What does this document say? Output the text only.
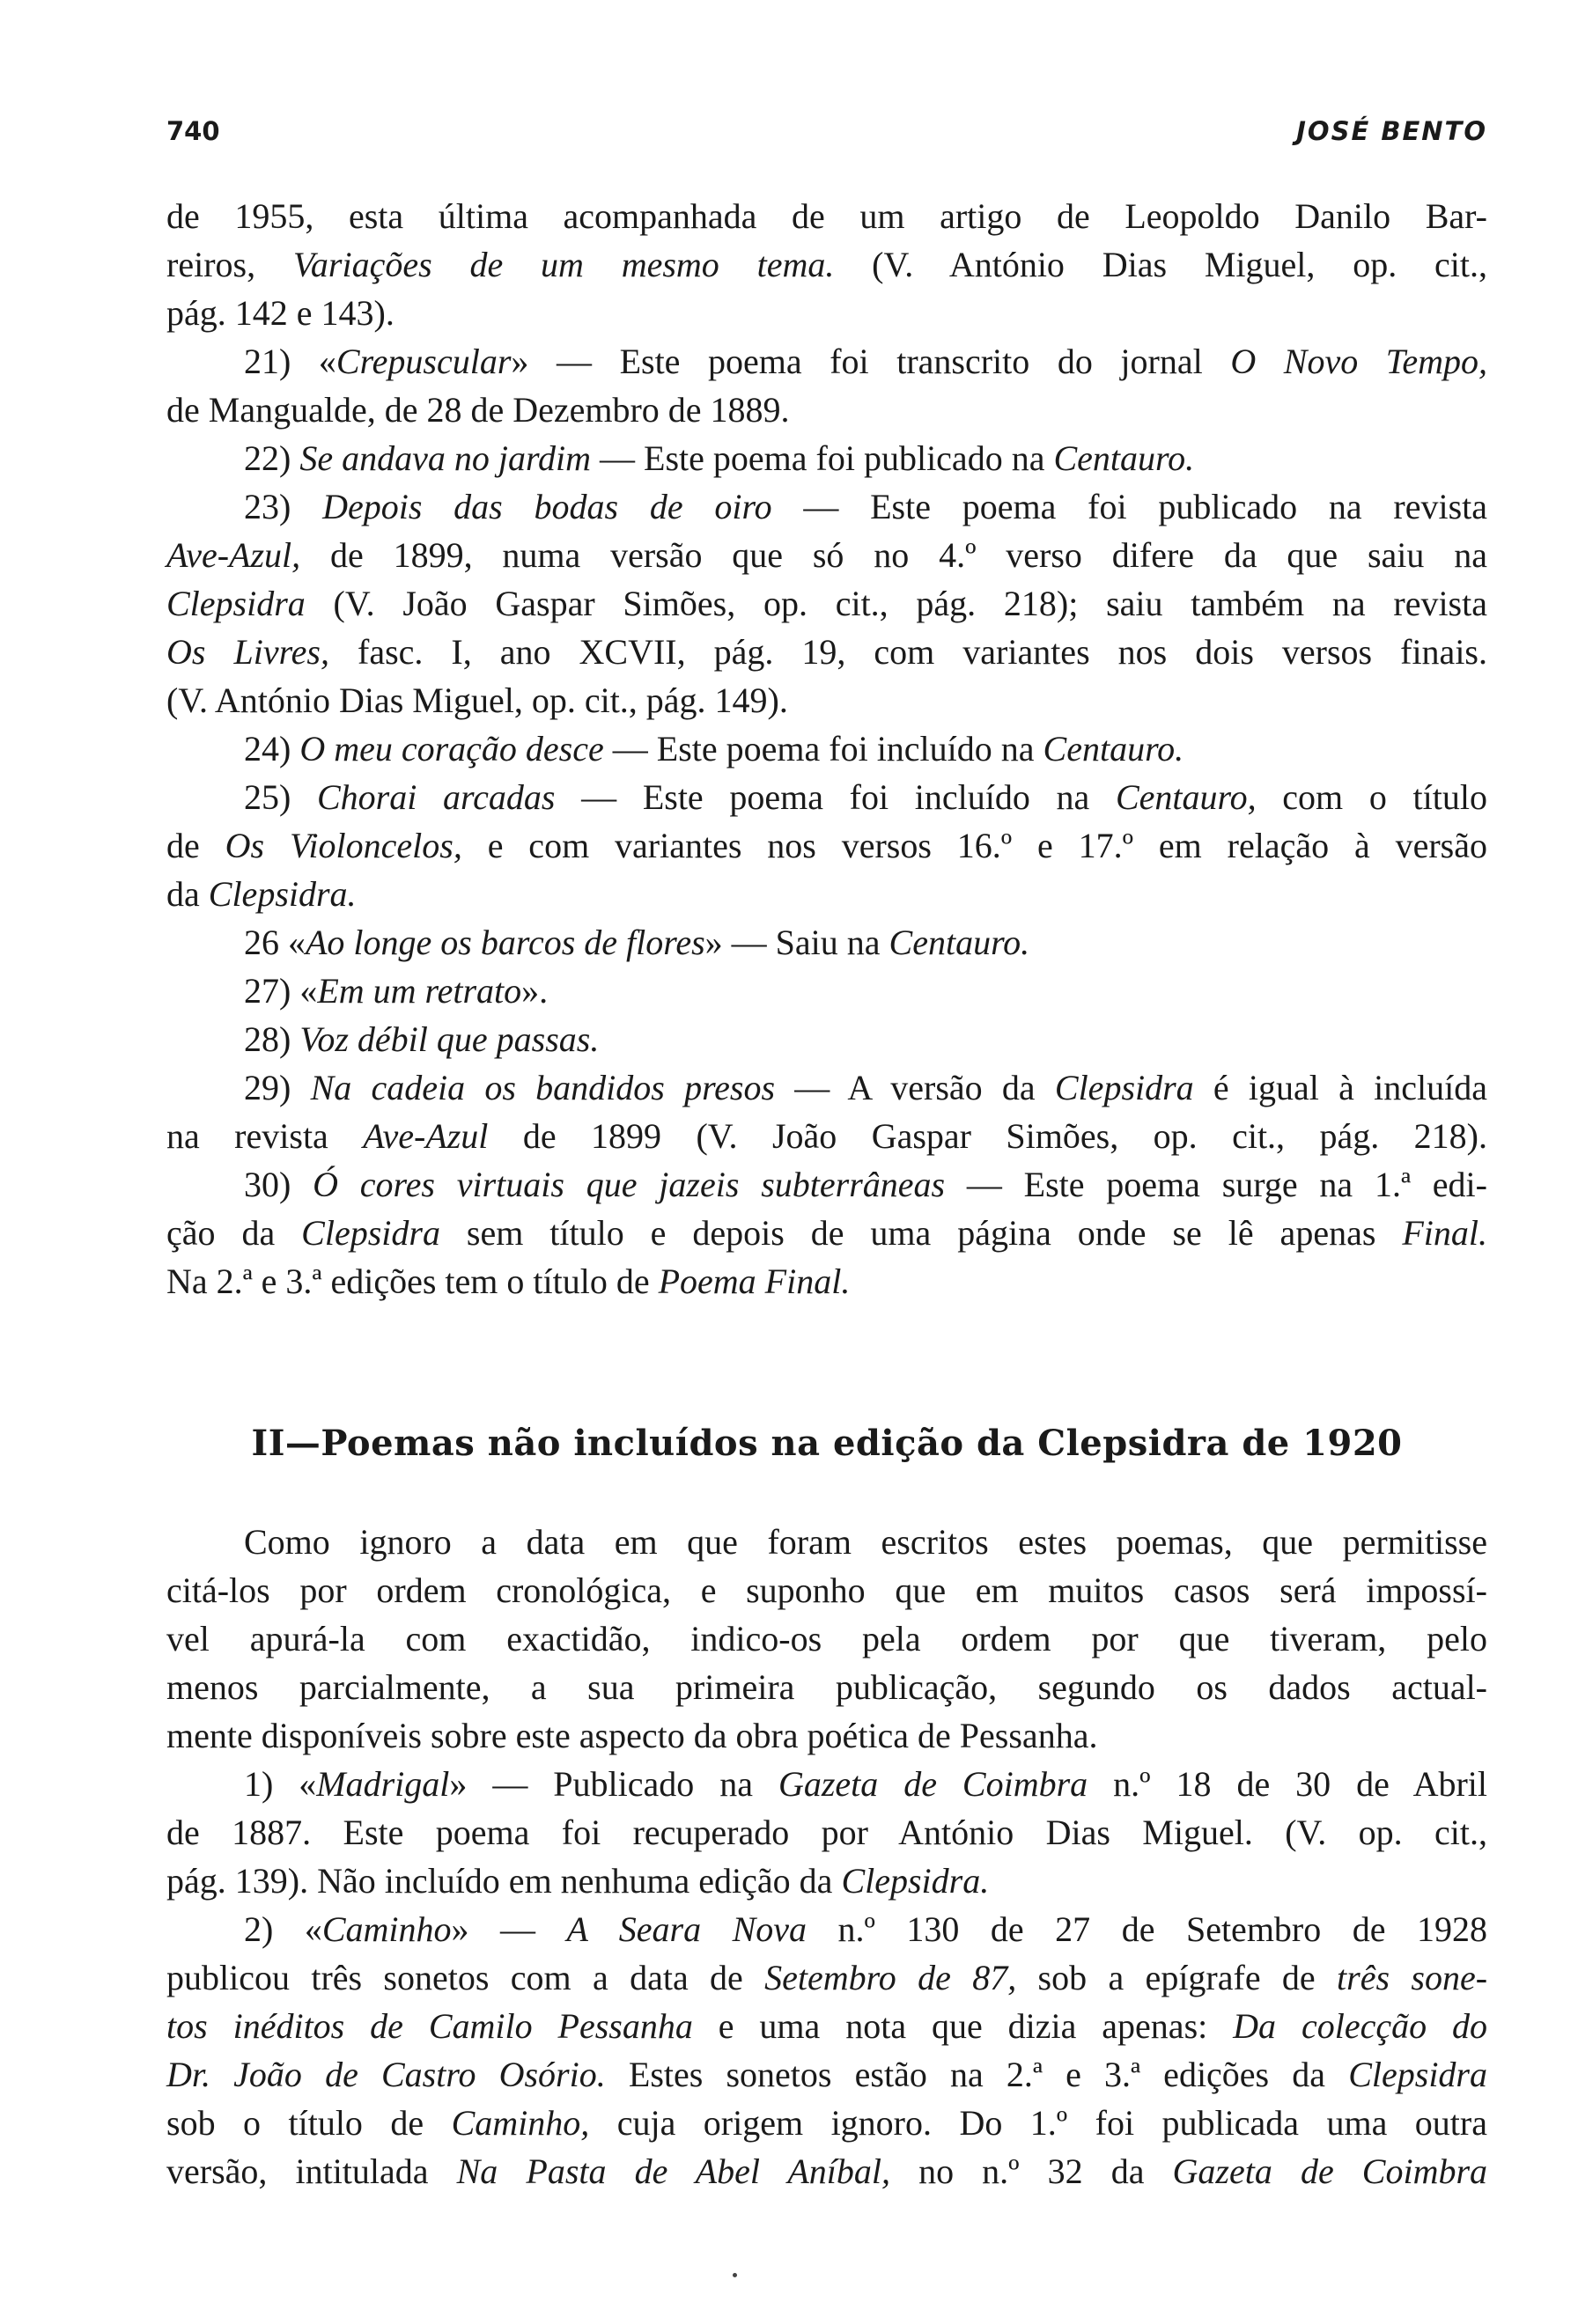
740	JOSÉ BENTO
de 1955, esta última acompanhada de um artigo de Leopoldo Danilo Bar-
reiros, Variações de um mesmo tema. (V. António Dias Miguel, op. cit.,
pág. 142 e 143).
21) «Crepuscular» — Este poema foi transcrito do jornal O Novo Tempo,
de Mangualde, de 28 de Dezembro de 1889.
22) Se andava no jardim — Este poema foi publicado na Centauro.
23) Depois das bodas de oiro — Este poema foi publicado na revista
Ave-Azul, de 1899, numa versão que só no 4.º verso difere da que saiu na
Clepsidra (V. João Gaspar Simões, op. cit., pág. 218); saiu também na revista
Os Livres, fasc. I, ano XCVII, pág. 19, com variantes nos dois versos finais.
(V. António Dias Miguel, op. cit., pág. 149).
24) O meu coração desce — Este poema foi incluído na Centauro.
25) Chorai arcadas — Este poema foi incluído na Centauro, com o título
de Os Violoncelos, e com variantes nos versos 16.º e 17.º em relação à versão
da Clepsidra.
26 «Ao longe os barcos de flores» — Saiu na Centauro.
27) «Em um retrato».
28) Voz débil que passas.
29) Na cadeia os bandidos presos — A versão da Clepsidra é igual à incluída
na revista Ave-Azul de 1899 (V. João Gaspar Simões, op. cit., pág. 218).
30) Ó cores virtuais que jazeis subterrâneas — Este poema surge na 1.ª edi-
ção da Clepsidra sem título e depois de uma página onde se lê apenas Final.
Na 2.ª e 3.ª edições tem o título de Poema Final.
II—Poemas não incluídos na edição da Clepsidra de 1920
Como ignoro a data em que foram escritos estes poemas, que permitisse
citá-los por ordem cronológica, e suponho que em muitos casos será impossí-
vel apurá-la com exactidão, indico-os pela ordem por que tiveram, pelo
menos parcialmente, a sua primeira publicação, segundo os dados actual-
mente disponíveis sobre este aspecto da obra poética de Pessanha.
1) «Madrigal» — Publicado na Gazeta de Coimbra n.º 18 de 30 de Abril
de 1887. Este poema foi recuperado por António Dias Miguel. (V. op. cit.,
pág. 139). Não incluído em nenhuma edição da Clepsidra.
2) «Caminho» — A Seara Nova n.º 130 de 27 de Setembro de 1928
publicou três sonetos com a data de Setembro de 87, sob a epígrafe de três sone-
tos inéditos de Camilo Pessanha e uma nota que dizia apenas: Da colecção do
Dr. João de Castro Osório. Estes sonetos estão na 2.ª e 3.ª edições da Clepsidra
sob o título de Caminho, cuja origem ignoro. Do 1.º foi publicada uma outra
versão, intitulada Na Pasta de Abel Aníbal, no n.º 32 da Gazeta de Coimbra
